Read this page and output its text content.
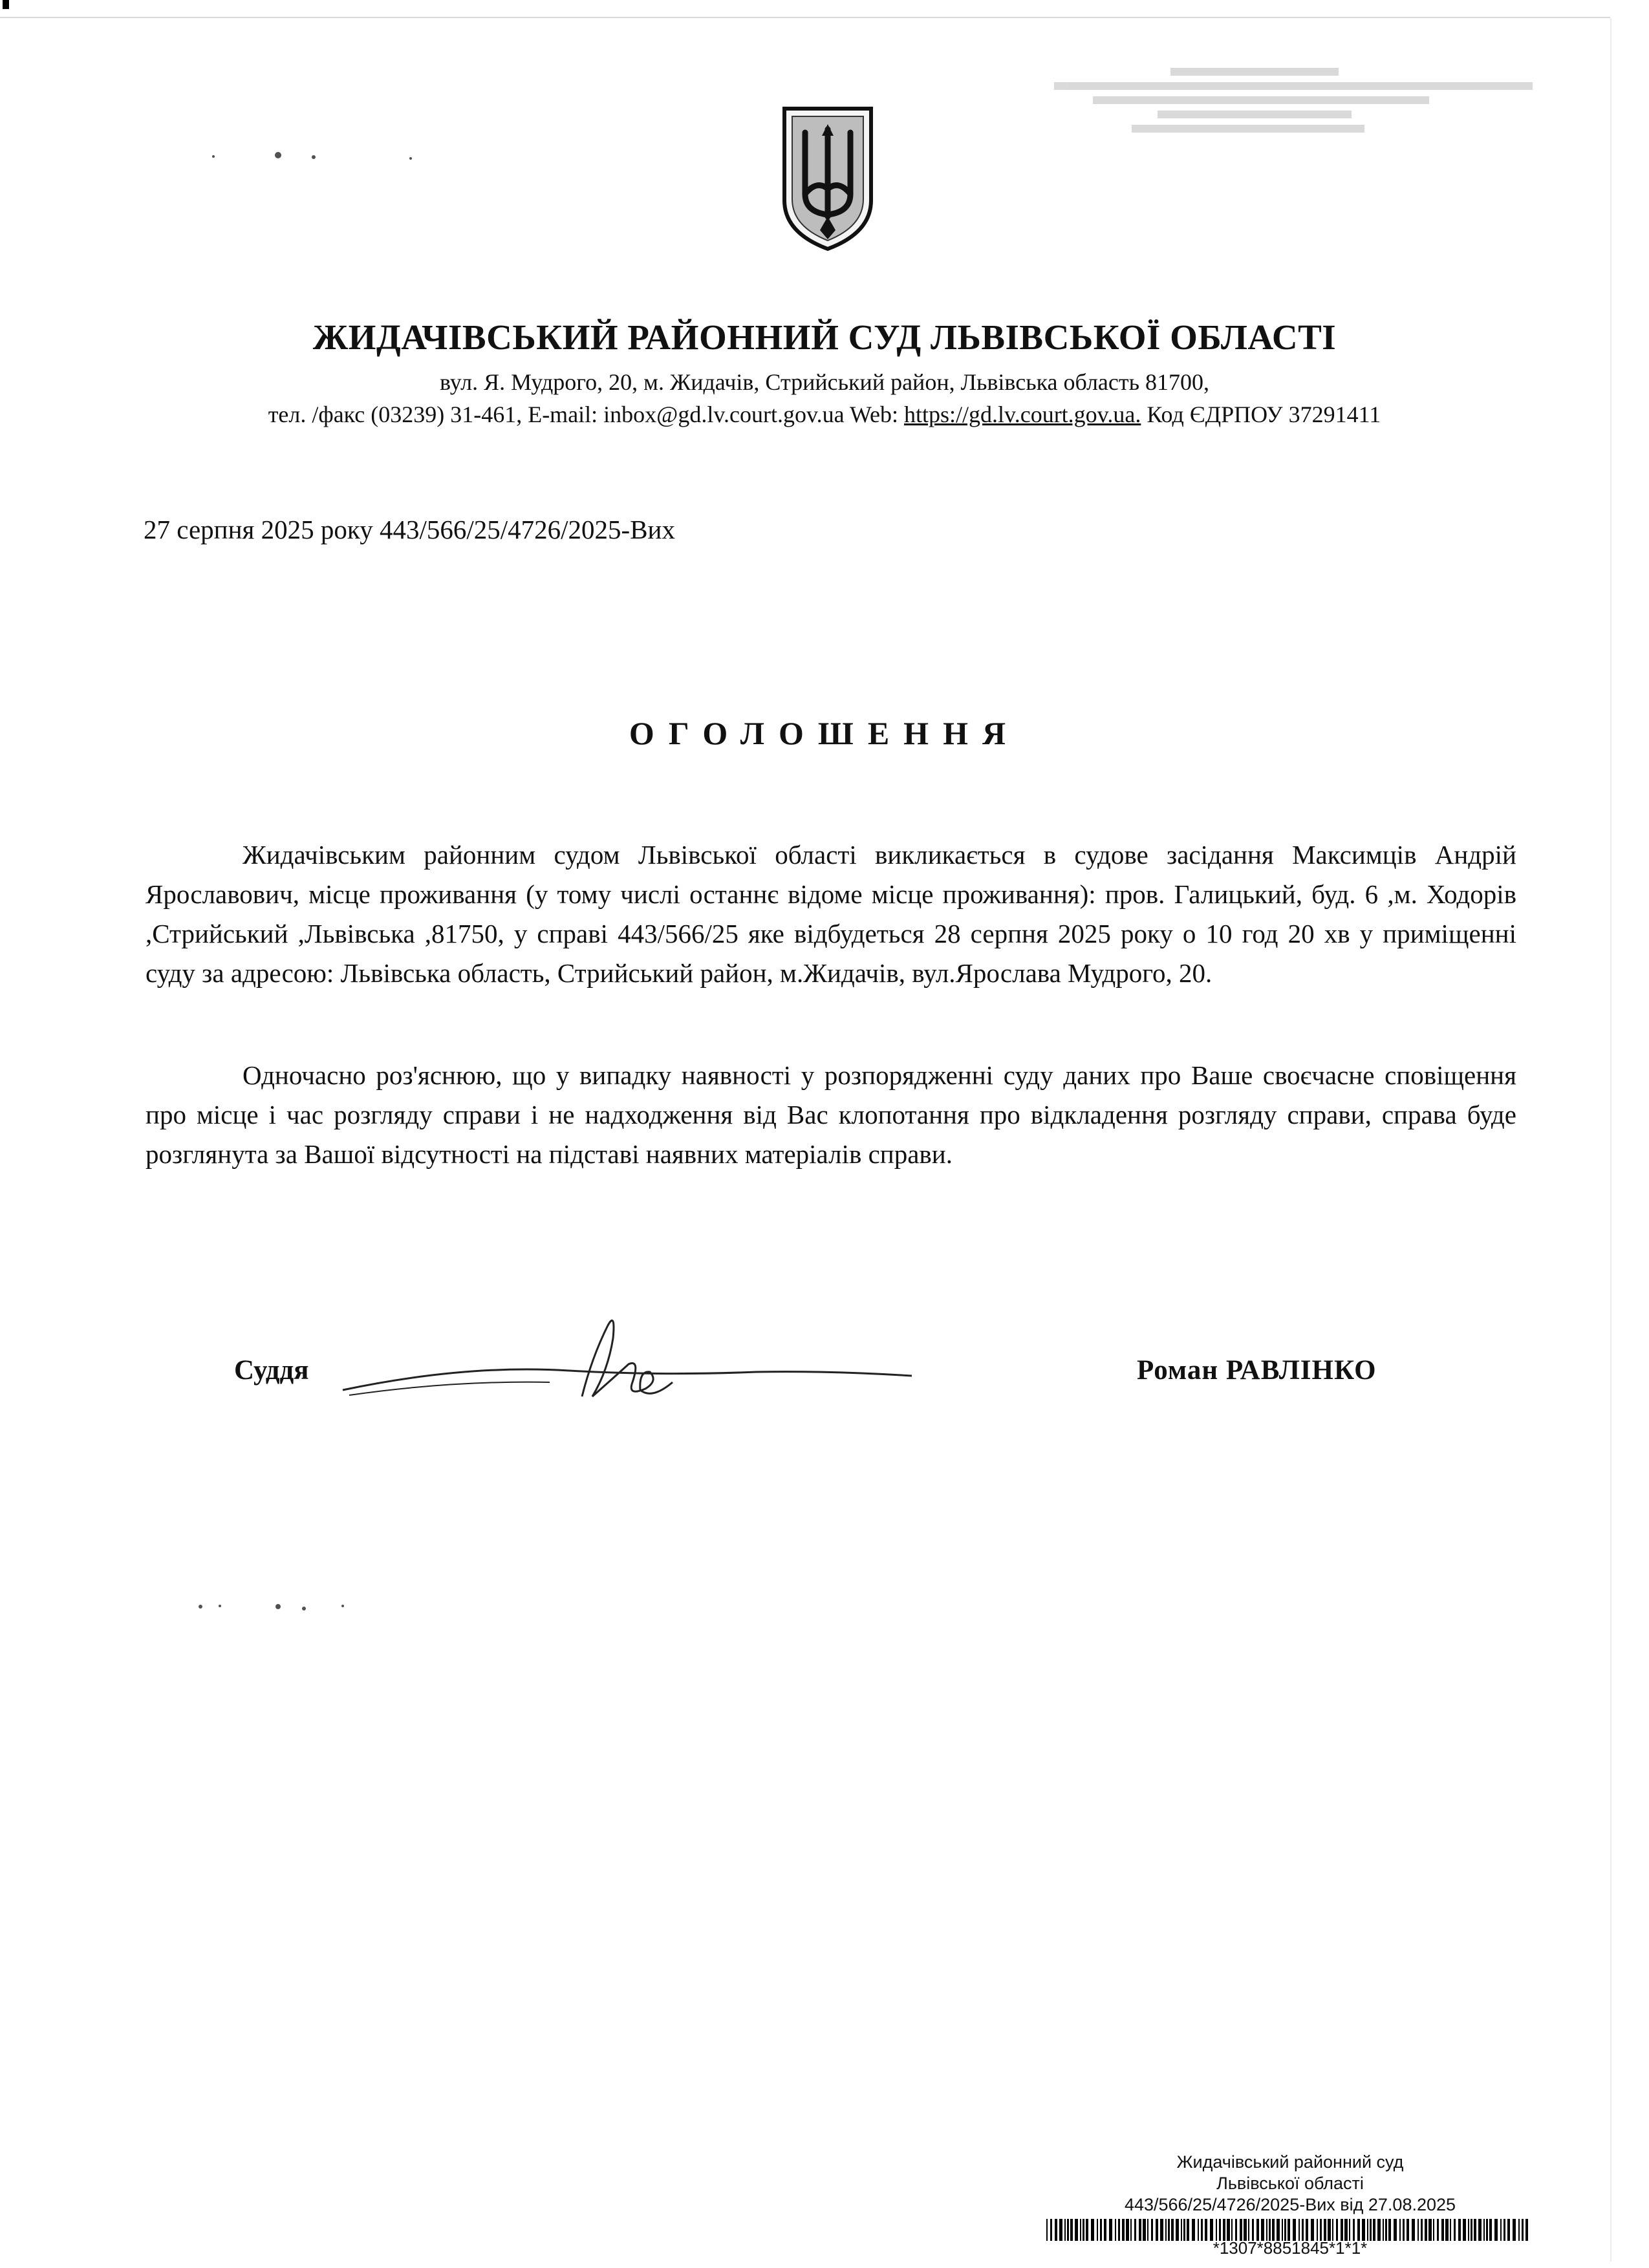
ЖИДАЧІВСЬКИЙ РАЙОННИЙ СУД ЛЬВІВСЬКОЇ ОБЛАСТІ
вул. Я. Мудрого, 20, м. Жидачів, Стрийський район, Львівська область 81700,
тел. /факс (03239) 31-461, E-mail: inbox@gd.lv.court.gov.ua Web: https://gd.lv.court.gov.ua. Код ЄДРПОУ 37291411
27 серпня 2025 року 443/566/25/4726/2025-Вих
ОГОЛОШЕННЯ
Жидачівським районним судом Львівської області викликається в судове засідання Максимців Андрій Ярославович, місце проживання (у тому числі останнє відоме місце проживання): пров. Галицький, буд. 6 ,м. Ходорів ,Стрийський ,Львівська ,81750, у справі 443/566/25 яке відбудеться 28 серпня 2025 року о 10 год 20 хв у приміщенні суду за адресою: Львівська область, Стрийський район, м.Жидачів, вул.Ярослава Мудрого, 20.
Одночасно роз'яснюю, що у випадку наявності у розпорядженні суду даних про Ваше своєчасне сповіщення про місце і час розгляду справи і не надходження від Вас клопотання про відкладення розгляду справи, справа буде розглянута за Вашої відсутності на підставі наявних матеріалів справи.
Суддя	Роман РАВЛІНКО
Жидачівський районний суд
Львівської області
443/566/25/4726/2025-Вих від 27.08.2025
*1307*8851845*1*1*
